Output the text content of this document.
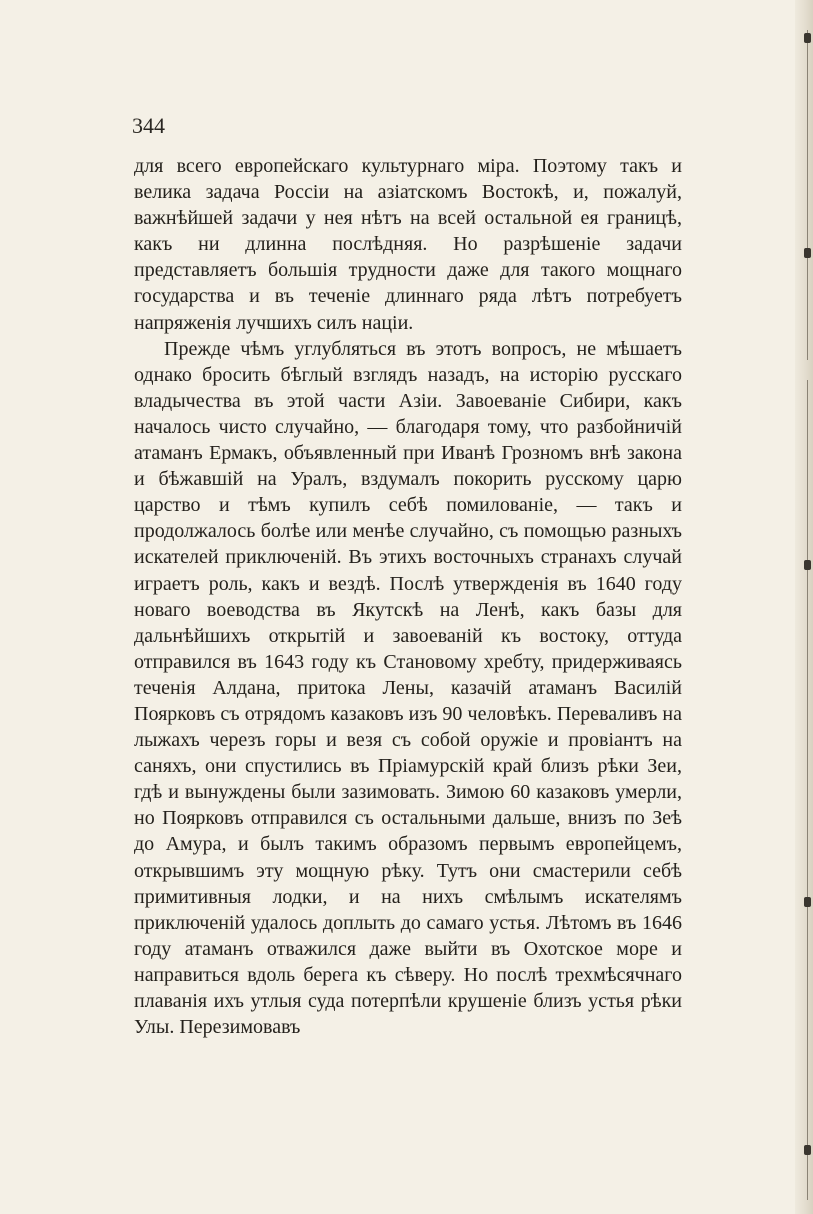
344

для всего европейскаго культурнаго міра. Поэтому такъ и велика задача Россіи на азіатскомъ Востокѣ, и, пожалуй, важнѣйшей задачи у нея нѣтъ на всей остальной ея границѣ, какъ ни длинна послѣдняя. Но разрѣшеніе задачи представляетъ большія трудности даже для такого мощнаго государства и въ теченіе длиннаго ряда лѣтъ потребуетъ напряженія лучшихъ силъ націи.

Прежде чѣмъ углубляться въ этотъ вопросъ, не мѣшаетъ однако бросить бѣглый взглядъ назадъ, на исторію русскаго владычества въ этой части Азіи. Завоеваніе Сибири, какъ началось чисто случайно, — благодаря тому, что разбойничій атаманъ Ермакъ, объявленный при Иванѣ Грозномъ внѣ закона и бѣжавшій на Уралъ, вздумалъ покорить русскому царю царство и тѣмъ купилъ себѣ помилованіе, — такъ и продолжалось болѣе или менѣе случайно, съ помощью разныхъ искателей приключеній. Въ этихъ восточныхъ странахъ случай играетъ роль, какъ и вездѣ. Послѣ утвержденія въ 1640 году новаго воеводства въ Якутскѣ на Ленѣ, какъ базы для дальнѣйшихъ открытій и завоеваній къ востоку, оттуда отправился въ 1643 году къ Становому хребту, придерживаясь теченія Алдана, притока Лены, казачій атаманъ Василій Поярковъ съ отрядомъ казаковъ изъ 90 человѣкъ. Переваливъ на лыжахъ черезъ горы и везя съ собой оружіе и провіантъ на саняхъ, они спустились въ Пріамурскій край близъ рѣки Зеи, гдѣ и вынуждены были зазимовать. Зимою 60 казаковъ умерли, но Поярковъ отправился съ остальными дальше, внизъ по Зеѣ до Амура, и былъ такимъ образомъ первымъ европейцемъ, открывшимъ эту мощную рѣку. Тутъ они смастерили себѣ примитивныя лодки, и на нихъ смѣлымъ искателямъ приключеній удалось доплыть до самаго устья. Лѣтомъ въ 1646 году атаманъ отважился даже выйти въ Охотское море и направиться вдоль берега къ сѣверу. Но послѣ трехмѣсячнаго плаванія ихъ утлыя суда потерпѣли крушеніе близъ устья рѣки Улы. Перезимовавъ
